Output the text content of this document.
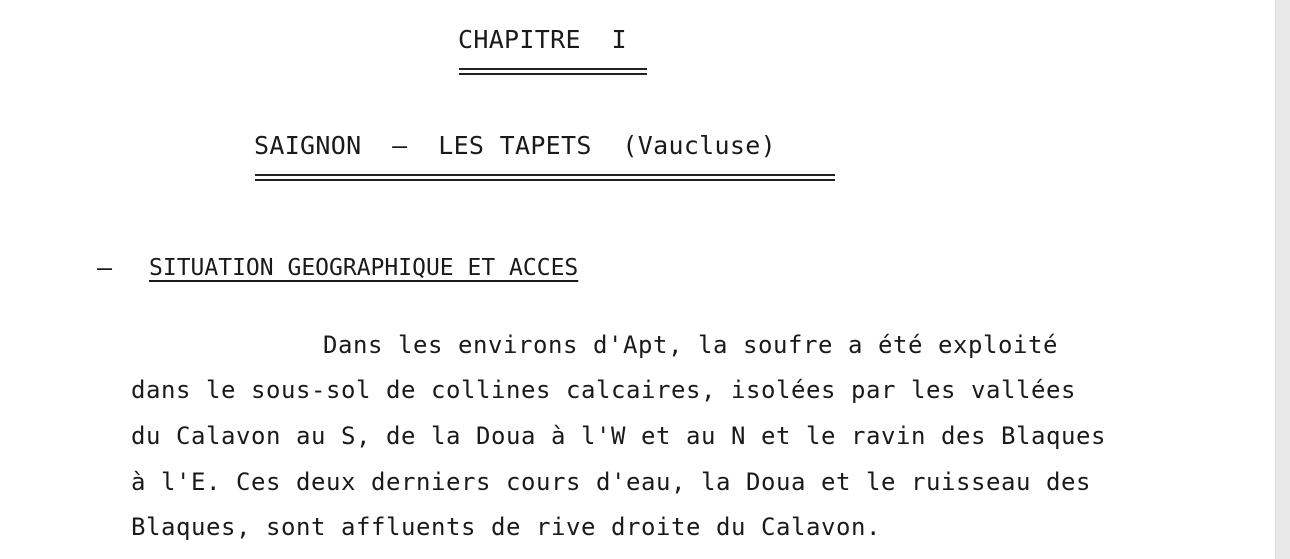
CHAPITRE  I
SAIGNON  –  LES TAPETS  (Vaucluse)
– SITUATION GEOGRAPHIQUE ET ACCES
Dans les environs d'Apt, la soufre a été exploité
dans le sous-sol de collines calcaires, isolées par les vallées
du Calavon au S, de la Doua à l'W et au N et le ravin des Blaques
à l'E. Ces deux derniers cours d'eau, la Doua et le ruisseau des
Blaques, sont affluents de rive droite du Calavon.
